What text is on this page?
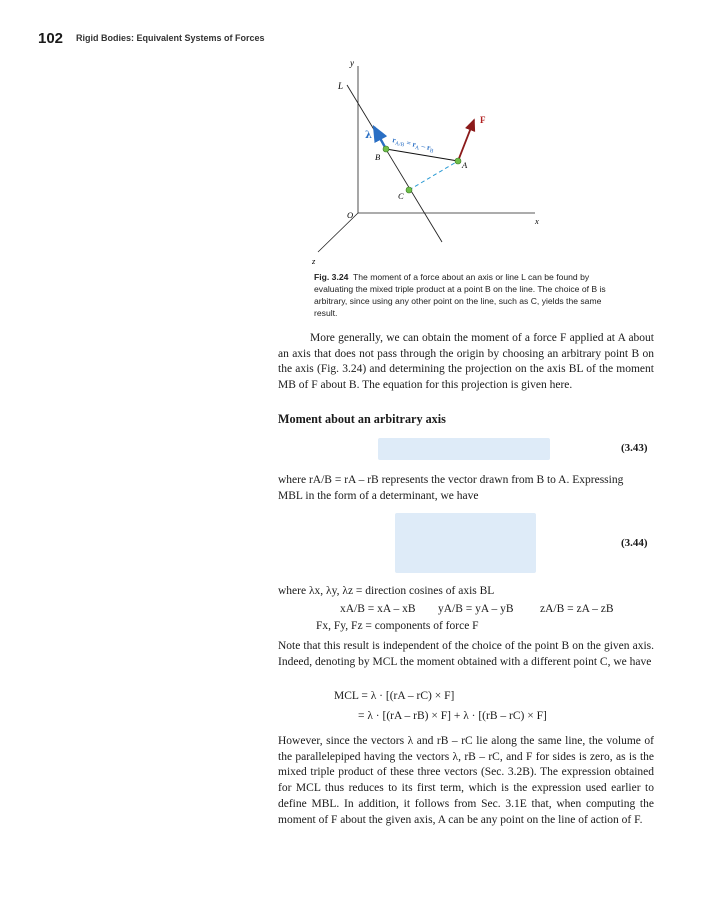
102 Rigid Bodies: Equivalent Systems of Forces
y
L
λ	$r_{A/B} = r_A - r_B$
F
B
A
C
O
x
z
Fig. 3.24 The moment of a force about an axis or line L can be found by evaluating the mixed triple product at a point B on the line. The choice of B is arbitrary, since using any other point on the line, such as C, yields the same result.
More generally, we can obtain the moment of a force F applied at A about an axis that does not pass through the origin by choosing an arbitrary point B on the axis (Fig. 3.24) and determining the projection on the axis BL of the moment MB of F about B. The equation for this projection is given here.
Moment about an arbitrary axis
(3.43)
where rA/B = rA – rB represents the vector drawn from B to A. Expressing
MBL in the form of a determinant, we have
(3.44)
where λx, λy, λz = direction cosines of axis BL
xA/B = xA – xB yA/B = yA – yB zA/B = zA – zB
Fx, Fy, Fz = components of force F
Note that this result is independent of the choice of the point B on the given axis. Indeed, denoting by MCL the moment obtained with a different point C, we have
MCL = λ · [(rA – rC) × F]
= λ · [(rA – rB) × F] + λ · [(rB – rC) × F]
However, since the vectors λ and rB – rC lie along the same line, the volume of the parallelepiped having the vectors λ, rB – rC, and F for sides is zero, as is the mixed triple product of these three vectors (Sec. 3.2B). The expression obtained for MCL thus reduces to its first term, which is the expression used earlier to define MBL. In addition, it follows from Sec. 3.1E that, when computing the moment of F about the given axis, A can be any point on the line of action of F.
